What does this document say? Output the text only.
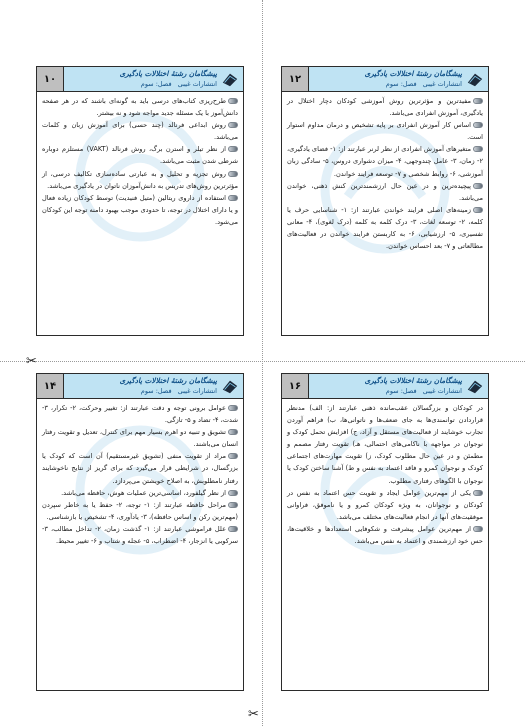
✂
✂
۱۲	پیشگامان رشتهٔ اختلالات یادگیری
انتشارات غیبی   فصل: سوم

مفیدترین و مؤثرترین روش آموزشی کودکان دچار اختلال در یادگیری، آموزش انفرادی می‌باشد.

اساس کار آموزش انفرادی بر پایه تشخیص و درمان مداوم استوار است.

متغیرهای آموزش انفرادی از نظر لرنر عبارتند از: ۱- فضای یادگیری، ۲- زمان، ۳- عامل چندوجهی، ۴- میزان دشواری دروس، ۵- سادگی زبان آموزشی، ۶- روابط شخصی و ۷- توسعه فرایند خواندن.

پیچیده‌ترین و در عین حال ارزشمندترین کنش ذهنی، خواندن می‌باشد.

زمینه‌های اصلی فرایند خواندن عبارتند از: ۱- شناسایی حرف یا کلمه، ۲- توسعه لغات، ۳- درک کلمه به کلمه (درک لغوی)، ۴- معانی تفسیری، ۵- ارزشیابی، ۶- به کاربستن فرایند خواندن در فعالیت‌های مطالعاتی و ۷- بعد احساس خواندن.

۱۰	پیشگامان رشتهٔ اختلالات یادگیری
انتشارات غیبی   فصل: سوم

طرح‌ریزی کتاب‌های درسی باید به گونه‌ای باشند که در هر صفحه دانش‌آموز با یک مسئله جدید مواجه شود و نه بیشتر.

روش ابداعی فرنالد (چند حسی) برای آموزش زبان و کلمات می‌باشد.

از نظر تیلر و استرن برگ، روش فرنالد (VAKT) مستلزم دوباره شرطی شدن مثبت می‌باشد.

روش تجزیه و تحلیل و به عبارتی ساده‌سازی تکالیف درسی، از مؤثرترین روش‌های تدریس به دانش‌آموزان ناتوان در یادگیری می‌باشد.

استفاده از داروی ریتالین (متیل فنیدیت) توسط کودکان زیاده فعال و یا دارای اختلال در توجه، تا حدودی موجب بهبود دامنه توجه این کودکان می‌شود.

۱۶	پیشگامان رشتهٔ اختلالات یادگیری
انتشارات غیبی   فصل: سوم

در کودکان و بزرگسالان عقب‌مانده ذهنی عبارتند از: الف) مدنظر قراردادن توانمندی‌ها به جای ضعف‌ها و ناتوانی‌ها، ب) فراهم آوردن تجارب خوشایند از فعالیت‌های مستقل و آزاد، ج) افزایش تحمل کودک و نوجوان در مواجهه با ناکامی‌های احتمالی، هـ) تقویت رفتار مصمم و مطمئن و در عین حال مطلوب کودک، ز) تقویت مهارت‌های اجتماعی کودک و نوجوان کمرو و فاقد اعتماد به نفس و ط) آشنا ساختن کودک یا نوجوان با الگوهای رفتاری مطلوب.

یکی از مهم‌ترین عوامل ایجاد و تقویت حس اعتماد به نفس در کودکان و نوجوانان، به ویژه کودکان کمرو و یا ناموفق، فراوانی موفقیت‌های آنها در انجام فعالیت‌های مختلف می‌باشد.

از مهم‌ترین عوامل پیشرفت و شکوفایی استعدادها و خلاقیت‌ها، حس خود ارزشمندی و اعتماد به نفس می‌باشد.

۱۴	پیشگامان رشتهٔ اختلالات یادگیری
انتشارات غیبی   فصل: سوم

عوامل برونی توجه و دقت عبارتند از: تغییر وحرکت، ۲- تکرار، ۳- شدت، ۴- تضاد و ۵- تازگی.

تشویق و تنبیه دو اهرم بسیار مهم برای کنترل، تعدیل و تقویت رفتار انسان می‌باشند.

مراد از تقویت منفی (تشویق غیرمستقیم) آن است که کودک یا بزرگسال، در شرایطی قرار می‌گیرد که برای گریز از نتایج ناخوشایند رفتار نامطلوبش، به اصلاح خویشتن می‌پردازد.

از نظر گیلفورد، اساسی‌ترین عملیات هوش، حافظه می‌باشد.

مراحل حافظه عبارتند از: ۱- توجه، ۲- حفظ یا به خاطر سپردن (مهم‌ترین رکن و اساس حافظه)، ۳- یادآوری، ۴- تشخیص یا بازشناسی.

علل فراموشی عبارتند از: ۱- گذشت زمان، ۲- تداخل مطالب، ۳- سرکوبی یا انزجار، ۴- اضطراب، ۵- عجله و شتاب و ۶- تغییر محیط.
